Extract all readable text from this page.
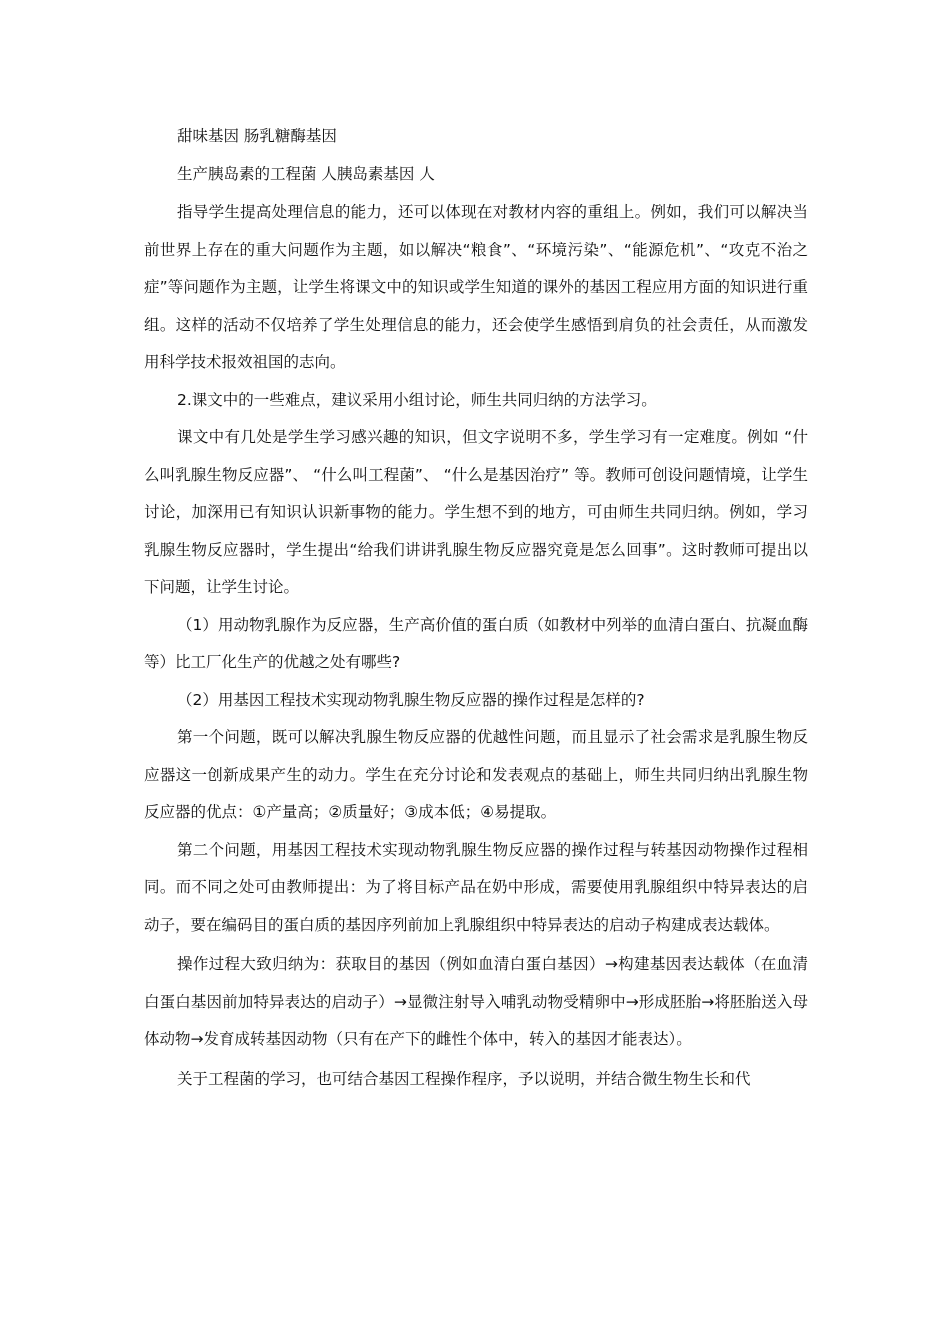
甜味基因 肠乳糖酶基因

生产胰岛素的工程菌 人胰岛素基因 人

指导学生提高处理信息的能力，还可以体现在对教材内容的重组上。例如，我们可以解决当前世界上存在的重大问题作为主题，如以解决“粮食”、“环境污染”、“能源危机”、“攻克不治之症”等问题作为主题，让学生将课文中的知识或学生知道的课外的基因工程应用方面的知识进行重组。这样的活动不仅培养了学生处理信息的能力，还会使学生感悟到肩负的社会责任，从而激发用科学技术报效祖国的志向。

2.课文中的一些难点，建议采用小组讨论，师生共同归纳的方法学习。

课文中有几处是学生学习感兴趣的知识，但文字说明不多，学生学习有一定难度。例如 “什么叫乳腺生物反应器”、 “什么叫工程菌”、 “什么是基因治疗” 等。教师可创设问题情境，让学生讨论，加深用已有知识认识新事物的能力。学生想不到的地方，可由师生共同归纳。例如，学习乳腺生物反应器时，学生提出“给我们讲讲乳腺生物反应器究竟是怎么回事”。这时教师可提出以下问题，让学生讨论。

（1）用动物乳腺作为反应器，生产高价值的蛋白质（如教材中列举的血清白蛋白、抗凝血酶等）比工厂化生产的优越之处有哪些?

（2）用基因工程技术实现动物乳腺生物反应器的操作过程是怎样的?

第一个问题，既可以解决乳腺生物反应器的优越性问题，而且显示了社会需求是乳腺生物反应器这一创新成果产生的动力。学生在充分讨论和发表观点的基础上，师生共同归纳出乳腺生物反应器的优点：①产量高；②质量好；③成本低；④易提取。

第二个问题，用基因工程技术实现动物乳腺生物反应器的操作过程与转基因动物操作过程相同。而不同之处可由教师提出：为了将目标产品在奶中形成，需要使用乳腺组织中特异表达的启动子，要在编码目的蛋白质的基因序列前加上乳腺组织中特异表达的启动子构建成表达载体。

操作过程大致归纳为：获取目的基因（例如血清白蛋白基因）→构建基因表达载体（在血清白蛋白基因前加特异表达的启动子）→显微注射导入哺乳动物受精卵中→形成胚胎→将胚胎送入母体动物→发育成转基因动物（只有在产下的雌性个体中，转入的基因才能表达）。

关于工程菌的学习，也可结合基因工程操作程序，予以说明，并结合微生物生长和代
